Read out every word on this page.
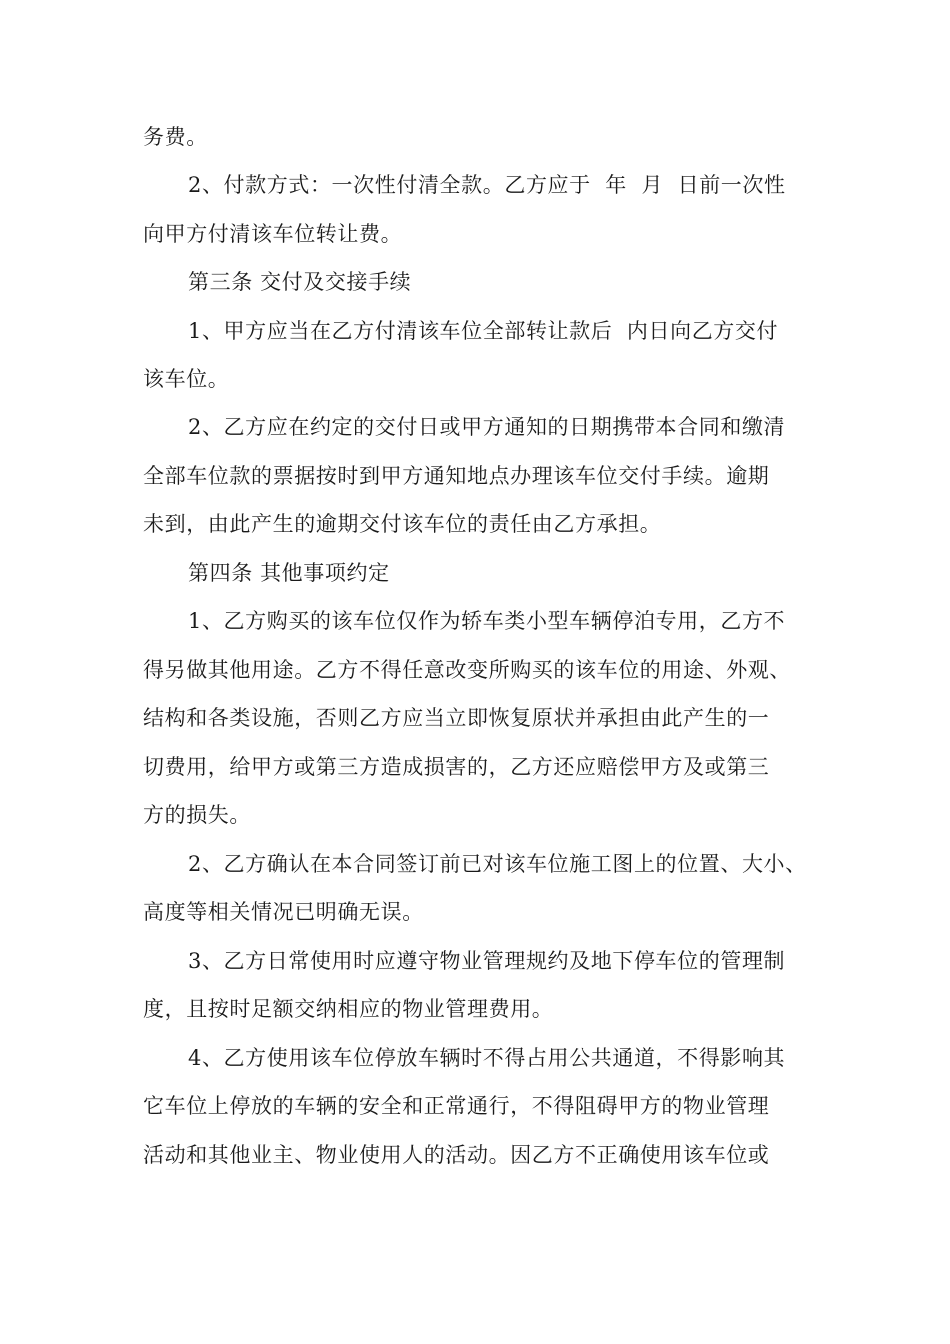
务费。
2、付款方式：一次性付清全款。乙方应于  年  月  日前一次性
向甲方付清该车位转让费。
第三条 交付及交接手续
1、甲方应当在乙方付清该车位全部转让款后  内日向乙方交付
该车位。
2、乙方应在约定的交付日或甲方通知的日期携带本合同和缴清
全部车位款的票据按时到甲方通知地点办理该车位交付手续。逾期
未到，由此产生的逾期交付该车位的责任由乙方承担。
第四条 其他事项约定
1、乙方购买的该车位仅作为轿车类小型车辆停泊专用，乙方不
得另做其他用途。乙方不得任意改变所购买的该车位的用途、外观、
结构和各类设施，否则乙方应当立即恢复原状并承担由此产生的一
切费用，给甲方或第三方造成损害的，乙方还应赔偿甲方及或第三
方的损失。
2、乙方确认在本合同签订前已对该车位施工图上的位置、大小、
高度等相关情况已明确无误。
3、乙方日常使用时应遵守物业管理规约及地下停车位的管理制
度，且按时足额交纳相应的物业管理费用。
4、乙方使用该车位停放车辆时不得占用公共通道，不得影响其
它车位上停放的车辆的安全和正常通行，不得阻碍甲方的物业管理
活动和其他业主、物业使用人的活动。因乙方不正确使用该车位或
